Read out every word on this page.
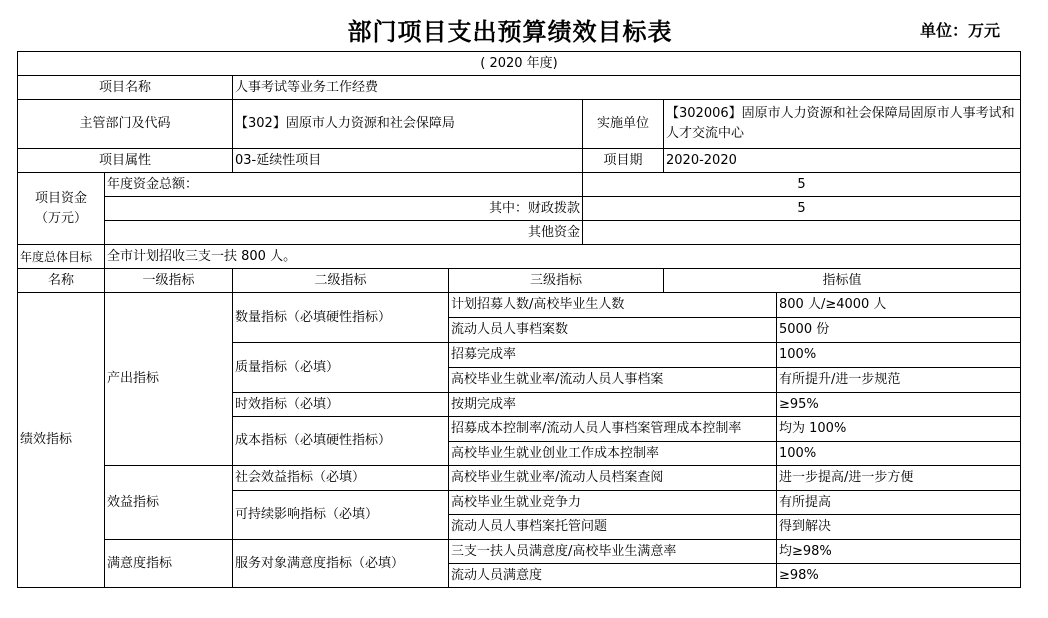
部门项目支出预算绩效目标表	单位：万元
( 2020 年度)						
项目名称		人事考试等业务工作经费				
主管部门及代码		【302】固原市人力资源和社会保障局		实施单位	【302006】固原市人力资源和社会保障局固原市人事考试和人才交流中心	
项目属性		03-延续性项目		项目期	2020-2020	
项目资金（万元）	年度资金总额：			5		
	其中：财政拨款			5		
	其他资金					
年度总体目标	全市计划招收三支一扶 800 人。					
名称	一级指标	二级指标	三级指标		指标值	
绩效指标	产出指标	数量指标（必填硬性指标）	计划招募人数/高校毕业生人数			800 人/≥4000 人
			流动人员人事档案数			5000 份
		质量指标（必填）	招募完成率			100%
			高校毕业生就业率/流动人员人事档案			有所提升/进一步规范
		时效指标（必填）	按期完成率			≥95%
		成本指标（必填硬性指标）	招募成本控制率/流动人员人事档案管理成本控制率			均为 100%
			高校毕业生就业创业工作成本控制率			100%
	效益指标	社会效益指标（必填）	高校毕业生就业率/流动人员档案查阅			进一步提高/进一步方便
		可持续影响指标（必填）	高校毕业生就业竞争力			有所提高
			流动人员人事档案托管问题			得到解决
	满意度指标	服务对象满意度指标（必填）	三支一扶人员满意度/高校毕业生满意率			均≥98%
			流动人员满意度			≥98%
